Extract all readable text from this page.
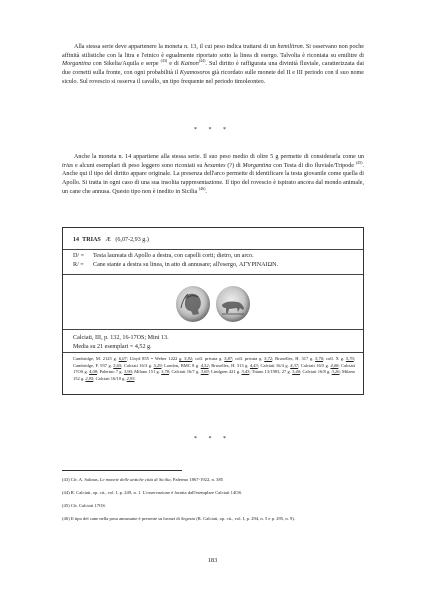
Alla stessa serie deve appartenere la moneta n. 13, il cui peso indica trattarsi di un hemilitron. Si osservano non poche affinità stilistiche con la litra e l'etnico è egualmente riportato sotto la linea di esergo. Talvolta è riconiata su emilitre di Morgantina con Sikelia/Aquila e serpe $^{(43)}$ e di Kainon$^{(44)}$. Sul diritto è raffigurata una divinità fluviale, caratterizzata dai due cornetti sulla fronte, con ogni probabilità il Kyamosoros già ricordato sulle monete del II e III periodo con il suo nome siculo. Sul rovescio si osserva il cavallo, un tipo frequente nel periodo timoleonteo.

* * *

Anche la moneta n. 14 appartiene alla stessa serie. Il suo peso medio di oltre 5 g permette di considerarla come un trias e alcuni esemplari di peso leggero sono riconiati su hexantes (?) di Morgantina con Testa di dio fluviale/Tripode $^{(45)}$. Anche qui il tipo del diritto appare originale. La presenza dell'arco permette di identificare la testa giovanile come quella di Apollo. Si tratta in ogni caso di una sua insolita rappresentazione. Il tipo del rovescio è ispirato ancora dal mondo animale, un cane che annusa. Questo tipo non è inedito in Sicilia $^{(46)}$.

14 TRIAS Æ (6,07-2,93 g.)
D/ = Testa laureata di Apollo a destra, con capelli corti; dietro, un arco.
R/ = Cane stante a destra su linea, in atto di annusare; all'esergo, ΑΓΥΡΙΝΑΙΩΝ.
Calciati, III, p. 132, 16-17OS; Mini 13.
Media su 21 esemplari = 4,52 g.
Cambridge, M. 2125 g. 6,07; Lloyd 855 = Weber 1222 g. 5,92; coll. privata g. 5,87; coll. privata g. 5,72; Bruxelles, H. 317 g. 5,70; coll. X g. 5,70; Cambridge, F. 937 g. 5,65; Calciati 16/3 g. 5,29; London, BMC 8 g. 4,52; Bruxelles, H. 313 g. 4,43; Calciati 16/4 g. 4,37; Calciati 16/5 g. 4,08; Calciati 17OS g. 4,08; Palermo 7 g. 3,90; Milano 151 g. 3,78; Calciati 16/7 g. 3,69; Lindgren 421 g. 3,43; Titano 13/1983, 27 g. 3,40; Calciati 16/8 g. 3,26; Milano 152 g. 2,95; Calciati 16/10 g. 2,93.

* * *

(43) Cfr. A. Salinas, Le monete delle antiche città di Sicilia, Palermo 1867-1922, n. 385

(44) R. Calciati, op. cit., vol. I, p. 249, n. 1. L'osservazione è fornita dall'esemplare Calciati 14OS.

(45) Cfr. Calciati 17OS.

(46) Il tipo del cane nella posa annusante è presente su bronzi di Segesta (R. Calciati, op. cit., vol. I, p. 294, n. 5 e p. 295, n. 9).

183
